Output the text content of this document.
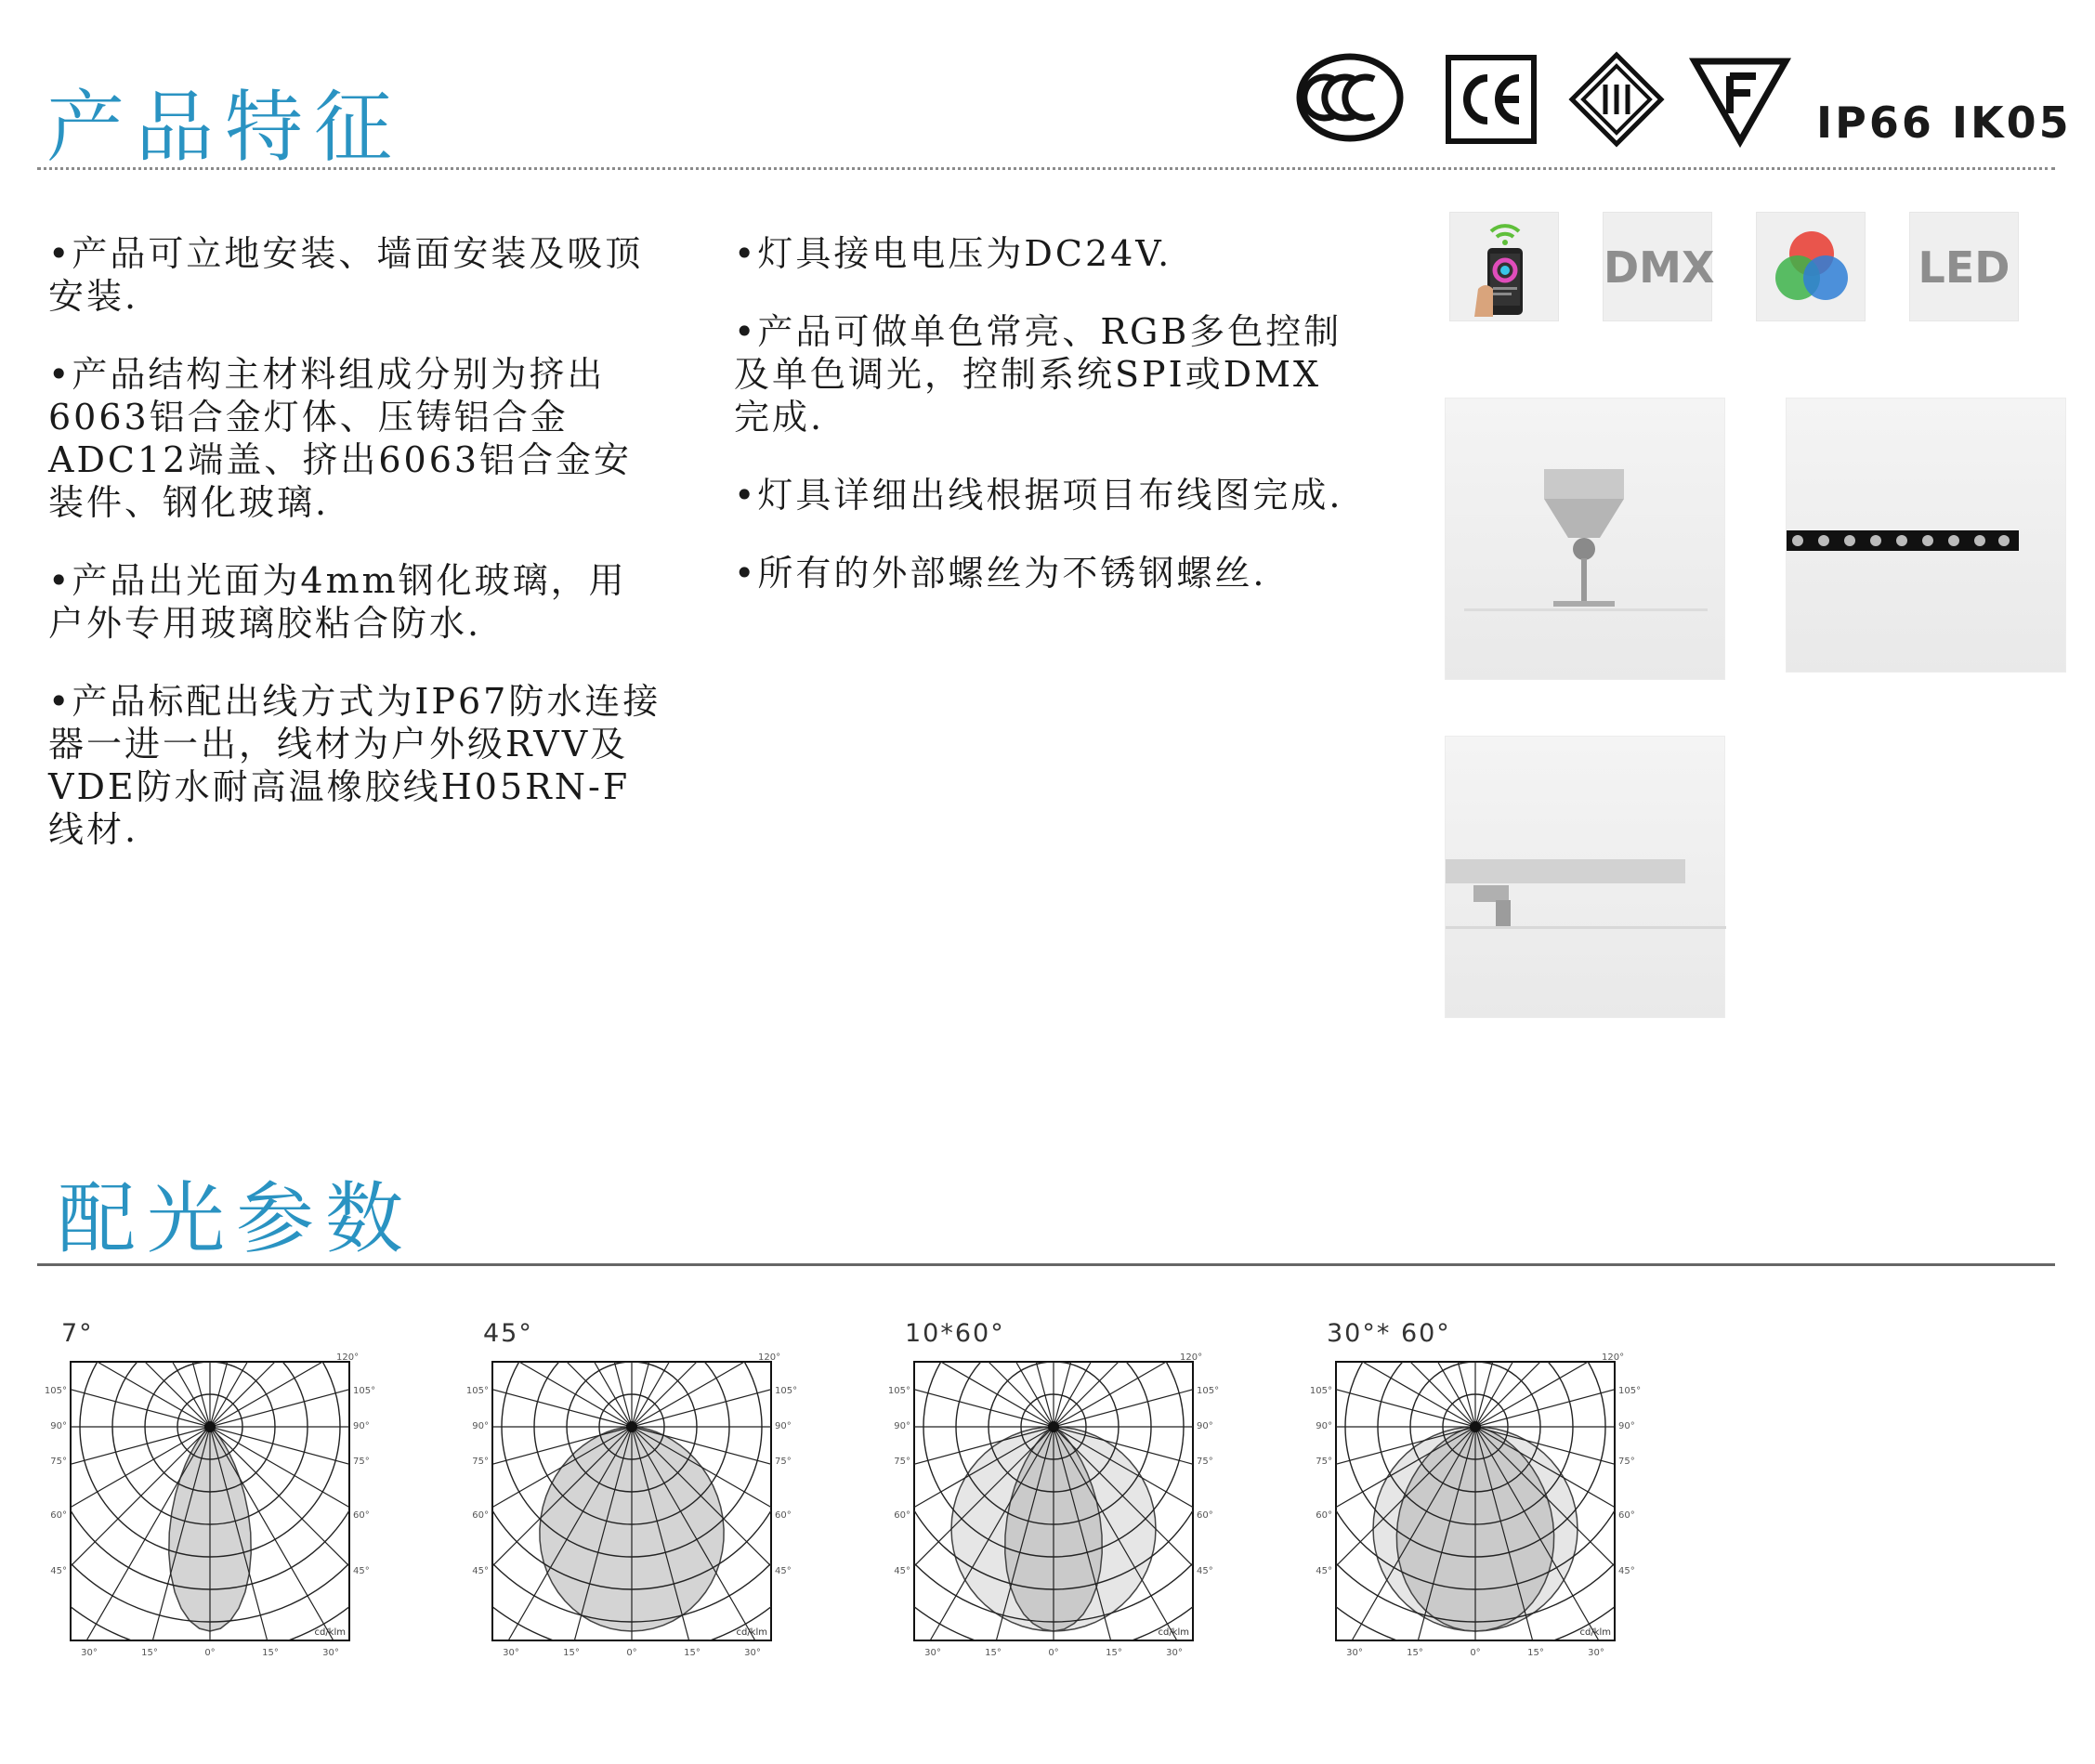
产品特征	IP66 IK05

•产品可立地安装、墙面安装及吸顶安装.

•产品结构主材料组成分别为挤出6063铝合金灯体、压铸铝合金ADC12端盖、挤出6063铝合金安装件、钢化玻璃.

•产品出光面为4mm钢化玻璃，用户外专用玻璃胶粘合防水.

•产品标配出线方式为IP67防水连接器一进一出，线材为户外级RVV及VDE防水耐高温橡胶线H05RN-F线材.

•灯具接电电压为DC24V.

•产品可做单色常亮、RGB多色控制及单色调光，控制系统SPI或DMX完成.

•灯具详细出线根据项目布线图完成.

•所有的外部螺丝为不锈钢螺丝.

DMX	LED
配光参数
7°
105°	105°
90°	90°
75°	75°
60°	60°
45°	45°
30°	15°	0°	15°	30°
120°
cd/klm
45°
105°	105°
90°	90°
75°	75°
60°	60°
45°	45°
30°	15°	0°	15°	30°
120°
cd/klm
10*60°
105°	105°
90°	90°
75°	75°
60°	60°
45°	45°
30°	15°	0°	15°	30°
120°
cd/klm
30°* 60°
105°	105°
90°	90°
75°	75°
60°	60°
45°	45°
30°	15°	0°	15°	30°
120°
cd/klm
